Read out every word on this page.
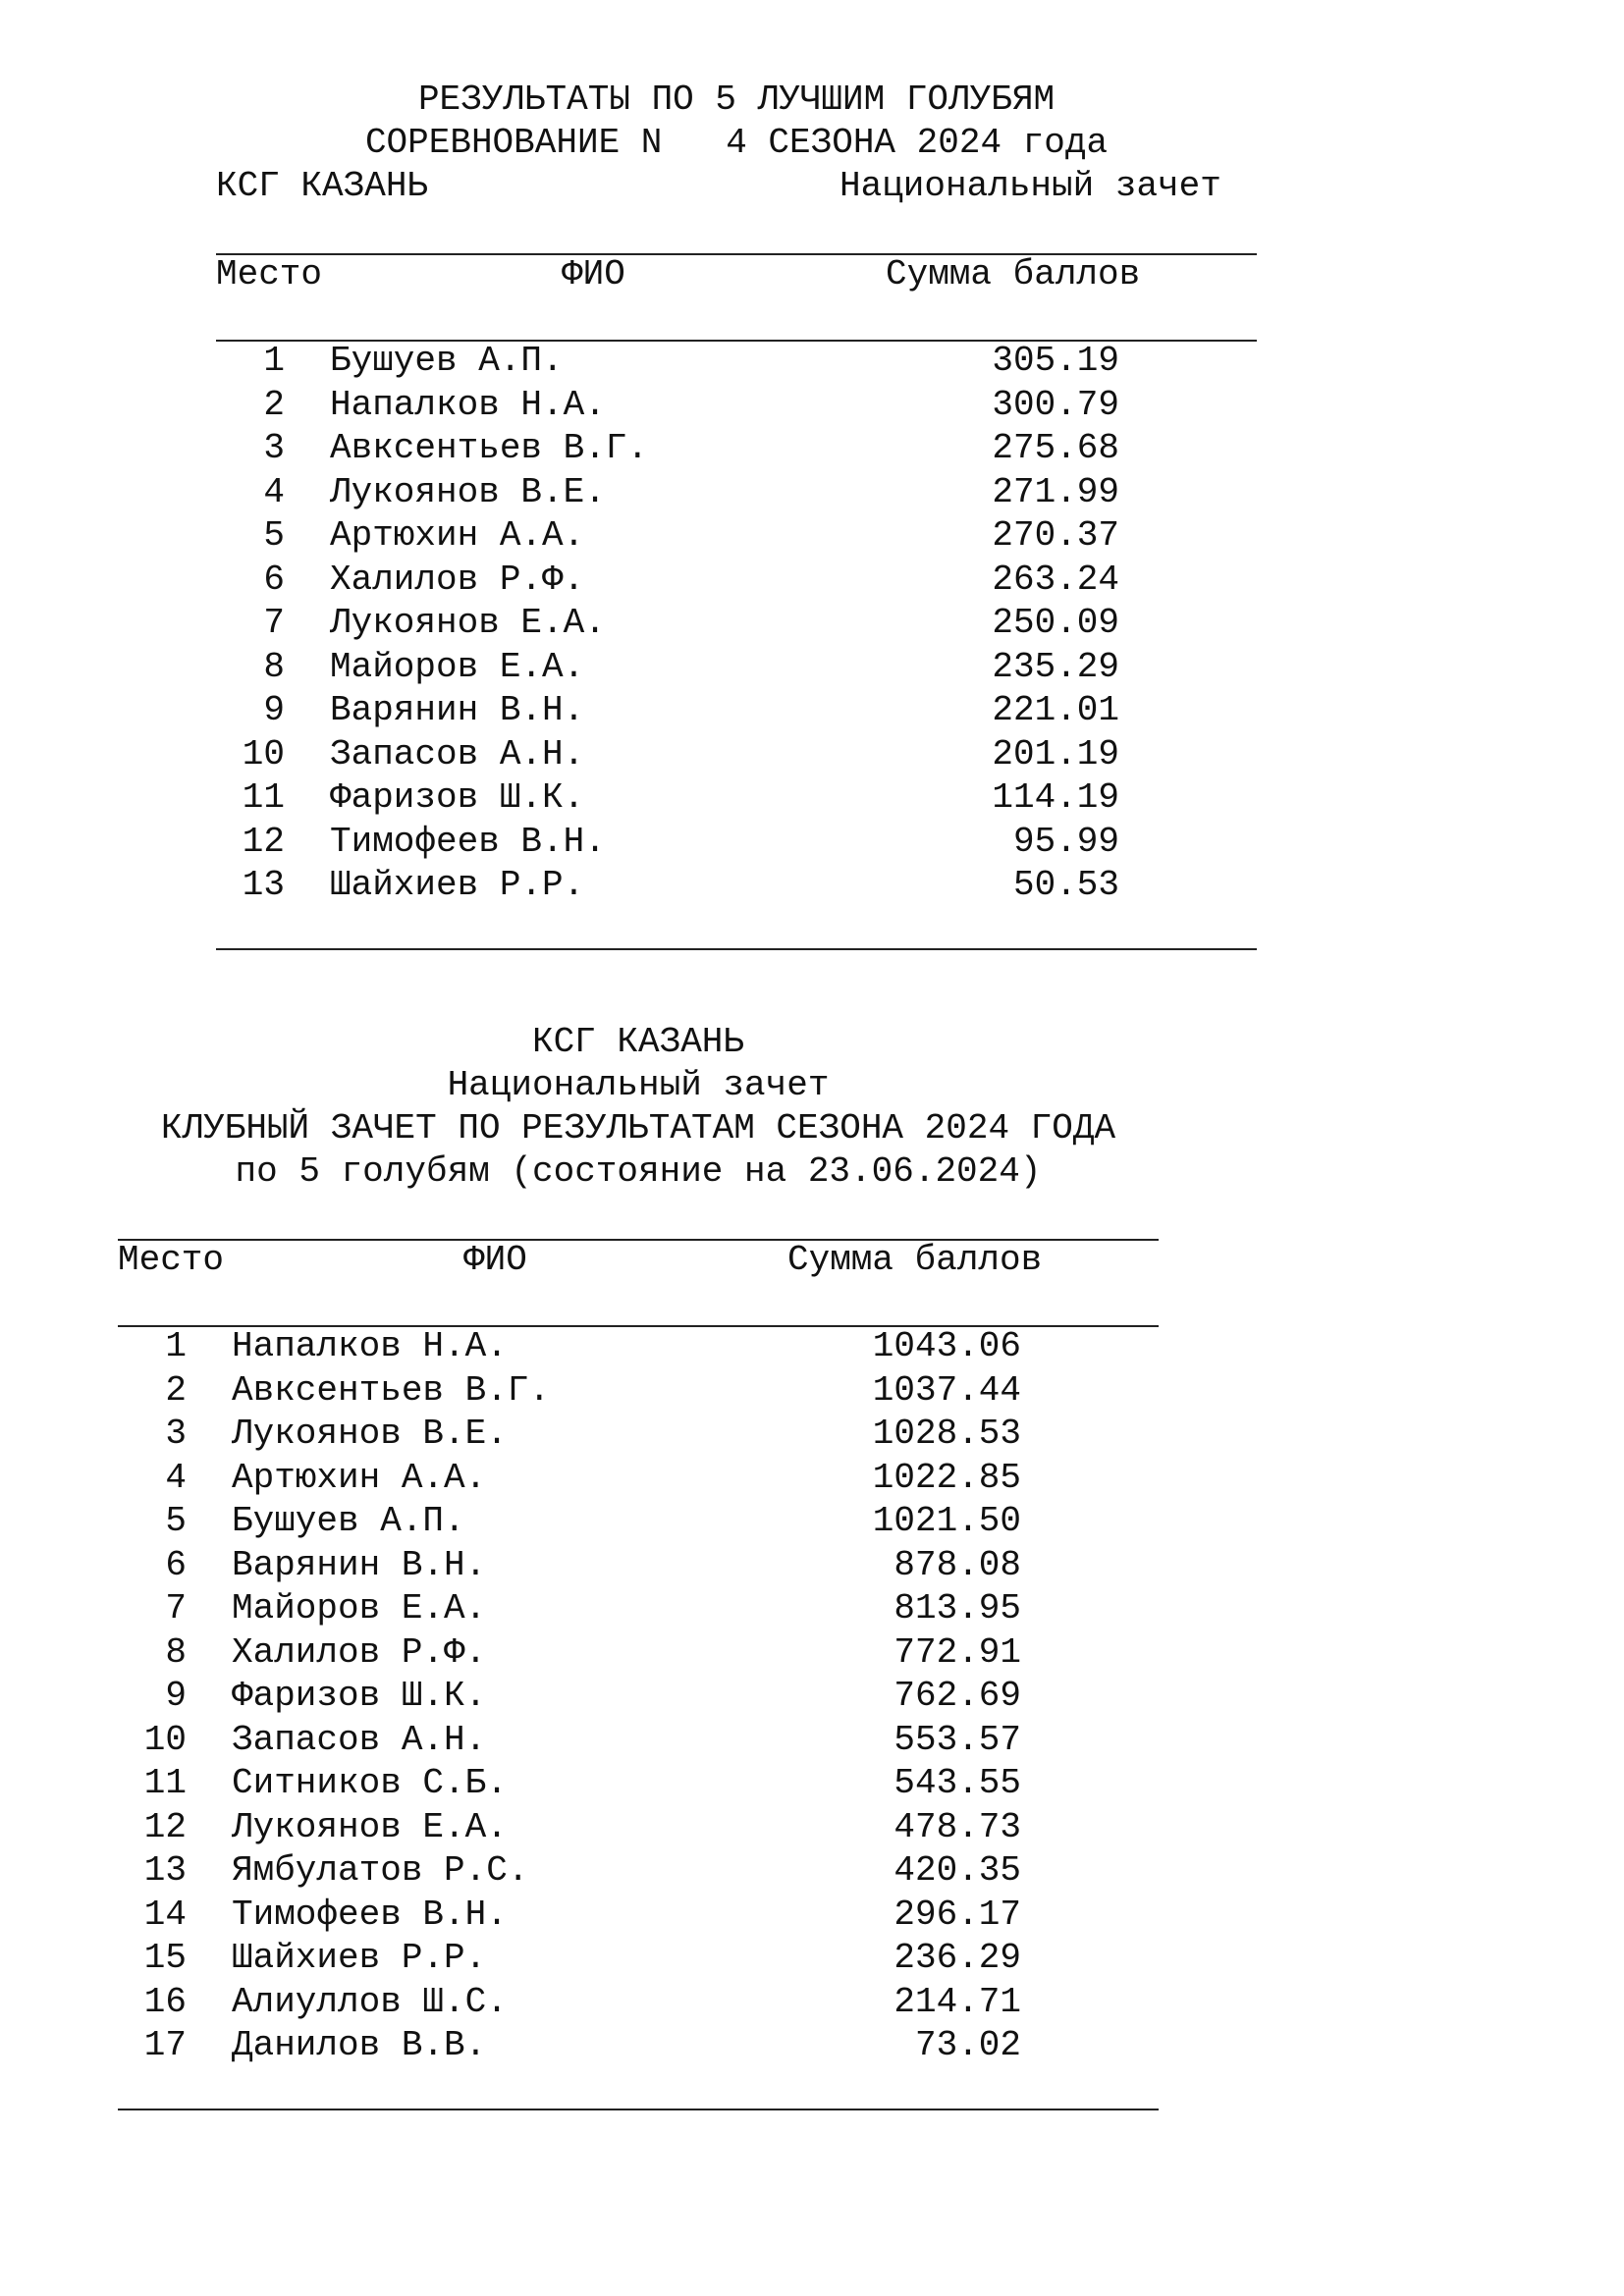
РЕЗУЛЬТАТЫ ПО 5 ЛУЧШИМ ГОЛУБЯМ
СОРЕВНОВАНИЕ N   4 СЕЗОНА 2024 года
КСГ КАЗАНЬ	Национальный зачет
Место	ФИО	Сумма баллов
1 Бушуев А.П.	305.19
2 Напалков Н.А.	300.79
3 Авксентьев В.Г.	275.68
4 Лукоянов В.Е.	271.99
5 Артюхин А.А.	270.37
6 Халилов Р.Ф.	263.24
7 Лукоянов Е.А.	250.09
8 Майоров Е.А.	235.29
9 Варянин В.Н.	221.01
10 Запасов А.Н.	201.19
11 Фаризов Ш.К.	114.19
12 Тимофеев В.Н.	95.99
13 Шайхиев Р.Р.	50.53
КСГ КАЗАНЬ
Национальный зачет
КЛУБНЫЙ ЗАЧЕТ ПО РЕЗУЛЬТАТАМ СЕЗОНА 2024 ГОДА
по 5 голубям (состояние на 23.06.2024)
Место	ФИО	Сумма баллов
1 Напалков Н.А.	1043.06
2 Авксентьев В.Г.	1037.44
3 Лукоянов В.Е.	1028.53
4 Артюхин А.А.	1022.85
5 Бушуев А.П.	1021.50
6 Варянин В.Н.	878.08
7 Майоров Е.А.	813.95
8 Халилов Р.Ф.	772.91
9 Фаризов Ш.К.	762.69
10 Запасов А.Н.	553.57
11 Ситников С.Б.	543.55
12 Лукоянов Е.А.	478.73
13 Ямбулатов Р.С.	420.35
14 Тимофеев В.Н.	296.17
15 Шайхиев Р.Р.	236.29
16 Алиуллов Ш.С.	214.71
17 Данилов В.В.	73.02
